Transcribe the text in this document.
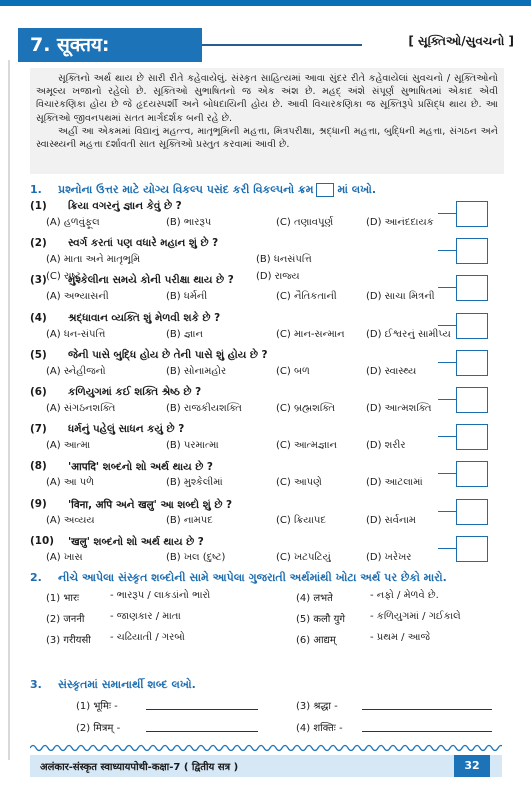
7. सूक्तय:	[ સૂક્તિઓ/સુવચનો ]

સૂક્તિનો અર્થ થાય છે સારી રીતે કહેવાયેલું. સંસ્કૃત સાહિત્યમાં આવા સુંદર રીતે કહેવાયેલાં સુવચનો / સૂક્તિઓનો અમૂલ્ય ખજાનો રહેલો છે. સૂક્તિઓ સુભાષિતનો જ એક અંશ છે. મહદ્ અંશે સંપૂર્ણ સુભાષિતમાં એકાદ એવી વિચારકણિકા હોય છે જે હૃદયસ્પર્શી અને બોધદાયિની હોય છે. આવી વિચારકણિકા જ સૂક્તિરૂપે પ્રસિદ્ધ થાય છે. આ સૂક્તિઓ જીવનપથમાં સતત માર્ગદર્શક બની રહે છે.

અહીં આ એકમમાં વિદ્યાનું મહત્ત્વ, માતૃભૂમિની મહત્તા, મિત્રપરીક્ષા, શ્રદ્ધાની મહત્તા, બુદ્ધિની મહત્તા, સંગઠન અને સ્વાસ્થ્યની મહત્તા દર્શાવતી સાત સૂક્તિઓ પ્રસ્તુત કરવામાં આવી છે.

1. પ્રશ્નોના ઉત્તર માટે યોગ્ય વિકલ્પ પસંદ કરી વિકલ્પનો ક્રમ માં લખો.
(1) ક્રિયા વગરનું જ્ઞાન કેવું છે ?
(A) હળવુંફૂલ	(B) ભારરૂપ	(C) તણાવપૂર્ણ	(D) આનંદદાયક
(2) સ્વર્ગ કરતાં પણ વધારે મહાન શું છે ?
(A) માતા અને માતૃભૂમિ	(B) ધનસંપત્તિ
(C) રાષ્ટ્ર	(D) રાજ્ય
(3) મુશ્કેલીના સમયે કોની પરીક્ષા થાય છે ?
(A) અભ્યાસની	(B) ધર્મની	(C) નૈતિકતાની	(D) સાચા મિત્રની
(4) શ્રદ્ધાવાન વ્યક્તિ શું મેળવી શકે છે ?
(A) ધન-સંપત્તિ	(B) જ્ઞાન	(C) માન-સન્માન (D) ઈશ્વરનું સામીપ્ય
(5) જેની પાસે બુદ્ધિ હોય છે તેની પાસે શું હોય છે ?
(A) સ્નેહીજનો	(B) સોનામહોર	(C) બળ	(D) સ્વાસ્થ્ય
(6) કળિયુગમાં કઈ શક્તિ શ્રેષ્ઠ છે ?
(A) સંગઠનશક્તિ	(B) રાજકીયશક્તિ	(C) બ્રહ્મશક્તિ	(D) આત્મશક્તિ
(7) ધર્મનું પહેલું સાધન કયું છે ?
(A) આત્મા	(B) પરમાત્મા	(C) આત્મજ્ઞાન	(D) શરીર
(8) 'आपदि' શબ્દનો શો અર્થ થાય છે ?
(A) આ પળે	(B) મુશ્કેલીમાં	(C) આપણે	(D) આટલામાં
(9) 'विना, अपि અને खलु' આ શબ્દો શું છે ?
(A) અવ્યય	(B) નામપદ	(C) ક્રિયાપદ	(D) સર્વનામ
(10) 'खलु' શબ્દનો શો અર્થ થાય છે ?
(A) ખાસ	(B) ખલ (દુષ્ટ)	(C) ખટપટિયું	(D) ખરેખર
2. નીચે આપેલા સંસ્કૃત શબ્દોની સામે આપેલા ગુજરાતી અર્થમાંથી ખોટા અર્થ પર છેકો મારો.
(1) भारः	- ભારરૂપ / લાકડાંનો ભારો	(4) लभते	- નફો / મેળવે છે.
(2) जननी	- જાણકાર / માતા	(5) कलौ युगे - કળિયુગમાં / ગઈકાલે
(3) गरीयसी - ચઢિયાતી / ગરબો	(6) आद्यम्	- પ્રથમ / આજે
3. સંસ્કૃતમાં સમાનાર્થી શબ્દ લખો.
(1) भूमिः -	(3) श्रद्धा -
(2) मित्रम् -	(4) शक्तिः -
अलंकार-संस्कृत स्वाध्यायपोथी-कक्षा-7 ( द्वितीय सत्र )	32
